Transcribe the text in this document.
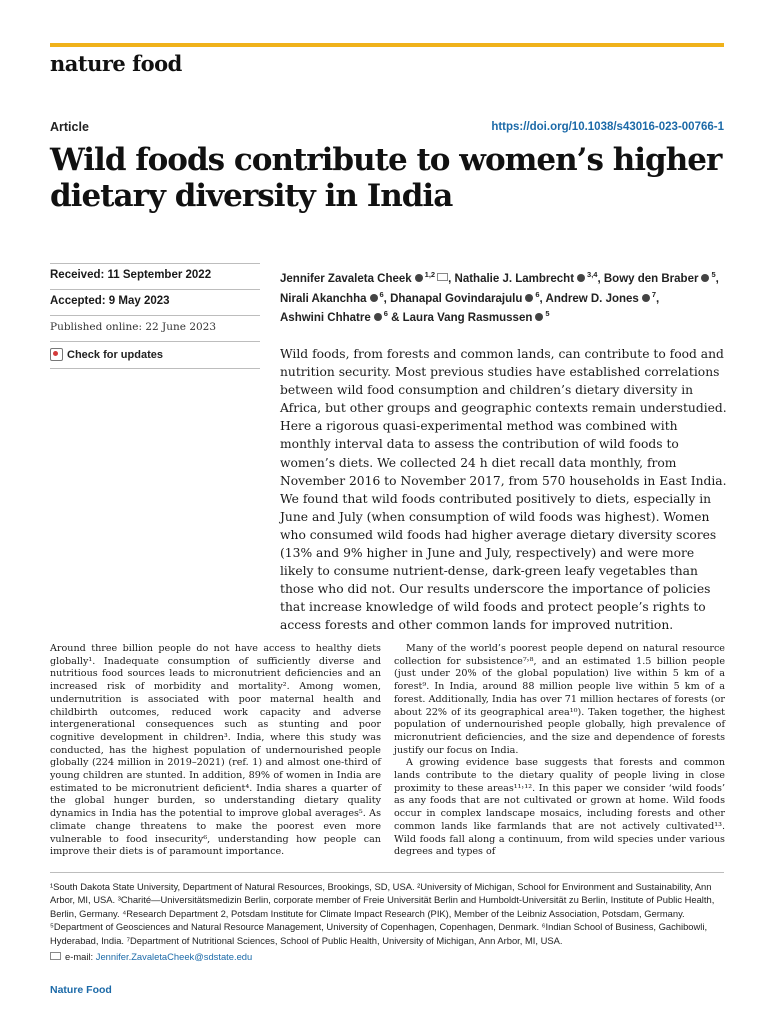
nature food
Article	https://doi.org/10.1038/s43016-023-00766-1
Wild foods contribute to women’s higher dietary diversity in India
Received: 11 September 2022
Accepted: 9 May 2023
Published online: 22 June 2023
Check for updates
Jennifer Zavaleta Cheek $^{1,2}$ , Nathalie J. Lambrecht $^{3,4}$, Bowy den Braber $^5$, Nirali Akanchha $^6$, Dhanapal Govindarajulu $^6$, Andrew D. Jones $^7$, Ashwini Chhatre $^6$ & Laura Vang Rasmussen $^5$

Wild foods, from forests and common lands, can contribute to food and nutrition security. Most previous studies have established correlations between wild food consumption and children’s dietary diversity in Africa, but other groups and geographic contexts remain understudied. Here a rigorous quasi-experimental method was combined with monthly interval data to assess the contribution of wild foods to women’s diets. We collected 24 h diet recall data monthly, from November 2016 to November 2017, from 570 households in East India. We found that wild foods contributed positively to diets, especially in June and July (when consumption of wild foods was highest). Women who consumed wild foods had higher average dietary diversity scores (13% and 9% higher in June and July, respectively) and were more likely to consume nutrient-dense, dark-green leafy vegetables than those who did not. Our results underscore the importance of policies that increase knowledge of wild foods and protect people’s rights to access forests and other common lands for improved nutrition.

Around three billion people do not have access to healthy diets globally¹. Inadequate consumption of sufficiently diverse and nutritious food sources leads to micronutrient deficiencies and an increased risk of morbidity and mortality². Among women, undernutrition is associated with poor maternal health and childbirth outcomes, reduced work capacity and adverse intergenerational consequences such as stunting and poor cognitive development in children³. India, where this study was conducted, has the highest population of undernourished people globally (224 million in 2019–2021) (ref. 1) and almost one-third of young children are stunted. In addition, 89% of women in India are estimated to be micronutrient deficient⁴. India shares a quarter of the global hunger burden, so understanding dietary quality dynamics in India has the potential to improve global averages⁵. As climate change threatens to make the poorest even more vulnerable to food insecurity⁶, understanding how people can improve their diets is of paramount importance.

Many of the world’s poorest people depend on natural resource collection for subsistence⁷˒⁸, and an estimated 1.5 billion people (just under 20% of the global population) live within 5 km of a forest⁹. In India, around 88 million people live within 5 km of a forest. Additionally, India has over 71 million hectares of forests (or about 22% of its geographical area¹⁰). Taken together, the highest population of undernourished people globally, high prevalence of micronutrient deficiencies, and the size and dependence of forests justify our focus on India.

A growing evidence base suggests that forests and common lands contribute to the dietary quality of people living in close proximity to these areas¹¹˒¹². In this paper we consider ‘wild foods’ as any foods that are not cultivated or grown at home. Wild foods occur in complex landscape mosaics, including forests and other common lands like farmlands that are not actively cultivated¹³. Wild foods fall along a continuum, from wild species under various degrees and types of

¹South Dakota State University, Department of Natural Resources, Brookings, SD, USA. ²University of Michigan, School for Environment and Sustainability, Ann Arbor, MI, USA. ³Charité—Universitätsmedizin Berlin, corporate member of Freie Universität Berlin and Humboldt-Universität zu Berlin, Institute of Public Health, Berlin, Germany. ⁴Research Department 2, Potsdam Institute for Climate Impact Research (PIK), Member of the Leibniz Association, Potsdam, Germany. ⁵Department of Geosciences and Natural Resource Management, University of Copenhagen, Copenhagen, Denmark. ⁶Indian School of Business, Gachibowli, Hyderabad, India. ⁷Department of Nutritional Sciences, School of Public Health, University of Michigan, Ann Arbor, MI, USA.

e-mail: Jennifer.ZavaletaCheek@sdstate.edu
Nature Food
